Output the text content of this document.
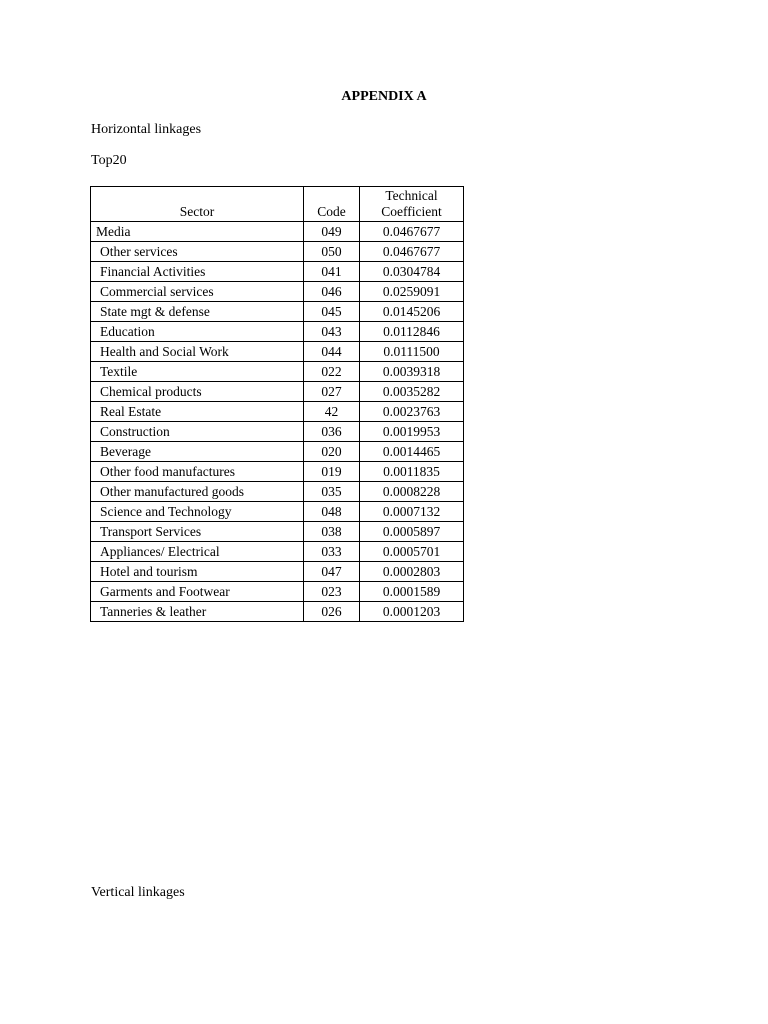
APPENDIX A
Horizontal linkages
Top20
Sector	Code	Technical
Coefficient
Media	049	0.0467677
Other services	050	0.0467677
Financial Activities	041	0.0304784
Commercial services	046	0.0259091
State mgt & defense	045	0.0145206
Education	043	0.0112846
Health and Social Work	044	0.0111500
Textile	022	0.0039318
Chemical products	027	0.0035282
Real Estate	42	0.0023763
Construction	036	0.0019953
Beverage	020	0.0014465
Other food manufactures	019	0.0011835
Other manufactured goods	035	0.0008228
Science and Technology	048	0.0007132
Transport Services	038	0.0005897
Appliances/ Electrical	033	0.0005701
Hotel and tourism	047	0.0002803
Garments and Footwear	023	0.0001589
Tanneries & leather	026	0.0001203
Vertical linkages
